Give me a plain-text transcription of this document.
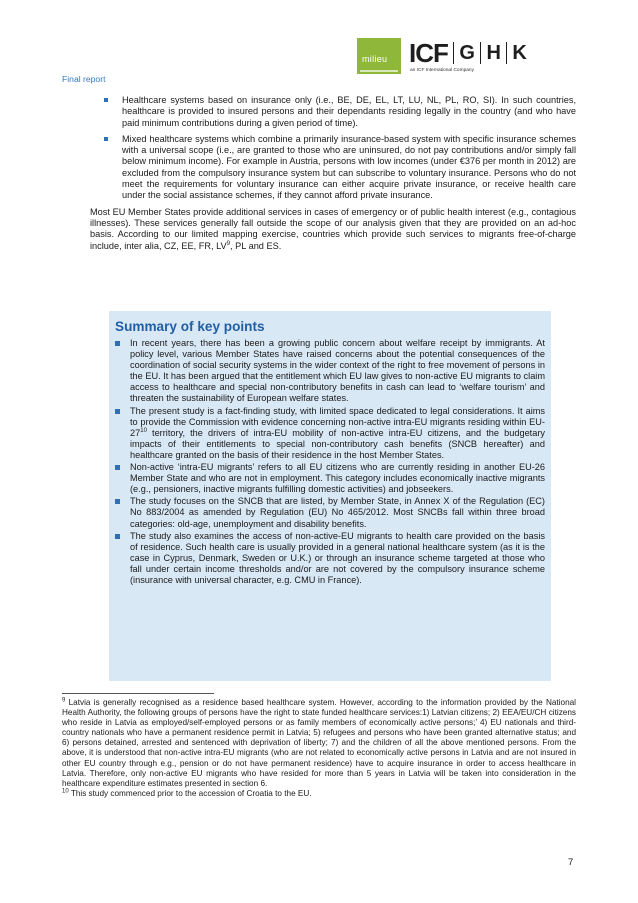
Final report
milieu ICF G H K
an ICF International Company
Healthcare systems based on insurance only (i.e., BE, DE, EL, LT, LU, NL, PL, RO, SI). In such countries, healthcare is provided to insured persons and their dependants residing legally in the country (and who have paid minimum contributions during a given period of time).
Mixed healthcare systems which combine a primarily insurance-based system with specific insurance schemes with a universal scope (i.e., are granted to those who are uninsured, do not pay contributions and/or simply fall below minimum income). For example in Austria, persons with low incomes (under €376 per month in 2012) are excluded from the compulsory insurance system but can subscribe to voluntary insurance. Persons who do not meet the requirements for voluntary insurance can either acquire private insurance, or receive health care under the social assistance schemes, if they cannot afford private insurance.

Most EU Member States provide additional services in cases of emergency or of public health interest (e.g., contagious illnesses). These services generally fall outside the scope of our analysis given that they are provided on an ad-hoc basis. According to our limited mapping exercise, countries which provide such services to migrants free-of-charge include, inter alia, CZ, EE, FR, $LV^9$, PL and ES.

Summary of key points
In recent years, there has been a growing public concern about welfare receipt by immigrants. At policy level, various Member States have raised concerns about the potential consequences of the coordination of social security systems in the wider context of the right to free movement of persons in the EU. It has been argued that the entitlement which EU law gives to non-active EU migrants to claim access to healthcare and special non-contributory benefits in cash can lead to ‘welfare tourism’ and threaten the sustainability of European welfare states.
The present study is a fact-finding study, with limited space dedicated to legal considerations. It aims to provide the Commission with evidence concerning non-active intra-EU migrants residing within $EU-27^{10}$ territory, the drivers of intra-EU mobility of non-active intra-EU citizens, and the budgetary impacts of their entitlements to special non-contributory cash benefits (SNCB hereafter) and healthcare granted on the basis of their residence in the host Member States.
Non-active ‘intra-EU migrants’ refers to all EU citizens who are currently residing in another EU-26 Member State and who are not in employment. This category includes economically inactive migrants (e.g., pensioners, inactive migrants fulfilling domestic activities) and jobseekers.
The study focuses on the SNCB that are listed, by Member State, in Annex X of the Regulation (EC) No 883/2004 as amended by Regulation (EU) No 465/2012. Most SNCBs fall within three broad categories: old-age, unemployment and disability benefits.
The study also examines the access of non-active-EU migrants to health care provided on the basis of residence. Such health care is usually provided in a general national healthcare system (as it is the case in Cyprus, Denmark, Sweden or U.K.) or through an insurance scheme targeted at those who fall under certain income thresholds and/or are not covered by the compulsory insurance scheme (insurance with universal character, e.g. CMU in France).

$^9$ Latvia is generally recognised as a residence based healthcare system. However, according to the information provided by the National Health Authority, the following groups of persons have the right to state funded healthcare services:1) Latvian citizens; 2) EEA/EU/CH citizens who reside in Latvia as employed/self-employed persons or as family members of economically active persons;’ 4) EU nationals and third-country nationals who have a permanent residence permit in Latvia; 5) refugees and persons who have been granted alternative status; and 6) persons detained, arrested and sentenced with deprivation of liberty; 7) and the children of all the above mentioned persons. From the above, it is understood that non-active intra-EU migrants (who are not related to economically active persons in Latvia and are not insured in other EU country through e.g., pension or do not have permanent residence) have to acquire insurance in order to access healthcare in Latvia. Therefore, only non-active EU migrants who have resided for more than 5 years in Latvia will be taken into consideration in the healthcare expenditure estimates presented in section 6.

$^{10}$ This study commenced prior to the accession of Croatia to the EU.

7
